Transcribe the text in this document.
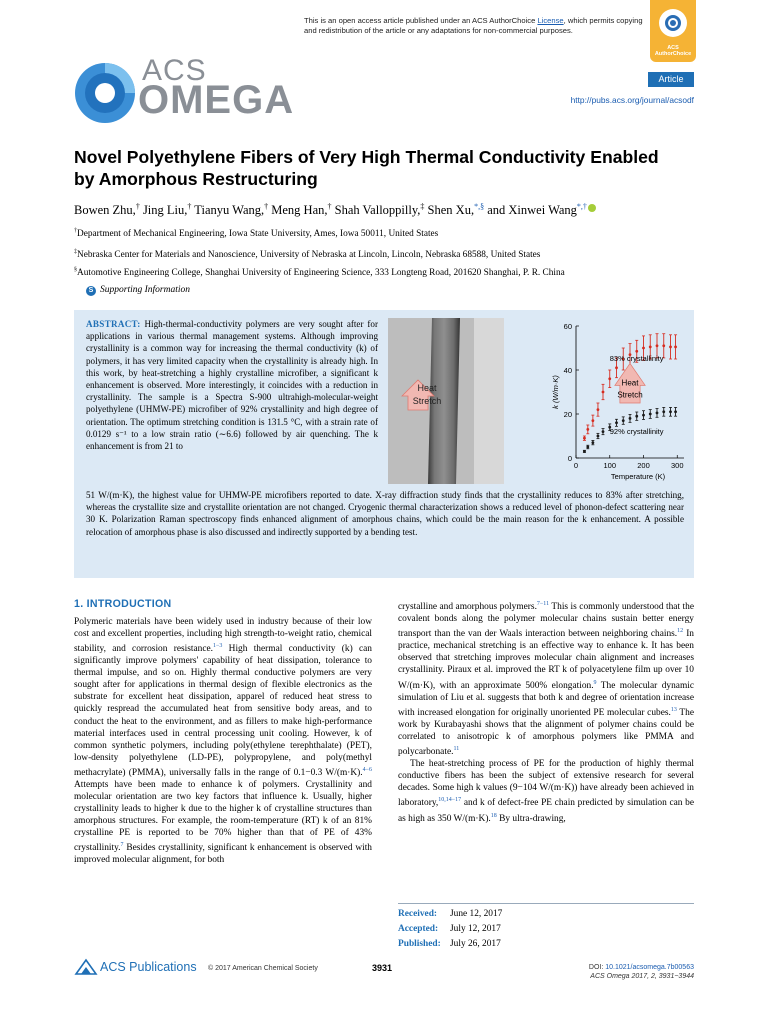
This is an open access article published under an ACS AuthorChoice License, which permits copying and redistribution of the article or any adaptations for non-commercial purposes.
ACS AuthorChoice
ACS
OMEGA	Article
http://pubs.acs.org/journal/acsodf
Novel Polyethylene Fibers of Very High Thermal Conductivity Enabled by Amorphous Restructuring
Bowen Zhu,† Jing Liu,† Tianyu Wang,† Meng Han,† Shah Valloppilly,‡ Shen Xu,*,§ and Xinwei Wang*,†
†Department of Mechanical Engineering, Iowa State University, Ames, Iowa 50011, United States
‡Nebraska Center for Materials and Nanoscience, University of Nebraska at Lincoln, Lincoln, Nebraska 68588, United States
§Automotive Engineering College, Shanghai University of Engineering Science, 333 Longteng Road, 201620 Shanghai, P. R. China
S Supporting Information
ABSTRACT: High-thermal-conductivity polymers are very sought after for applications in various thermal management systems. Although improving crystallinity is a common way for increasing the thermal conductivity (k) of polymers, it has very limited capacity when the crystallinity is already high. In this work, by heat-stretching a highly crystalline microfiber, a significant k enhancement is observed. More interestingly, it coincides with a reduction in crystallinity. The sample is a Spectra S-900 ultrahigh-molecular-weight polyethylene (UHMW-PE) microfiber of 92% crystallinity and high degree of orientation. The optimum stretching condition is 131.5 °C, with a strain rate of 0.0129 s⁻¹ to a low strain ratio (∼6.6) followed by air quenching. The k enhancement is from 21 to
51 W/(m·K), the highest value for UHMW-PE microfibers reported to date. X-ray diffraction study finds that the crystallinity reduces to 83% after stretching, whereas the crystallite size and crystallite orientation are not changed. Cryogenic thermal characterization shows a reduced level of phonon-defect scattering near 30 K. Polarization Raman spectroscopy finds enhanced alignment of amorphous chains, which could be the main reason for the k enhancement. A possible relocation of amorphous phase is also discussed and indirectly supported by a bending test.
Heat
Stretch
0
20
40
60
0	100	200	300
Temperature (K)
k (W/m·K)
83% crystallinity
Heat
Stretch
92% crystallinity
1. INTRODUCTION
Polymeric materials have been widely used in industry because of their low cost and excellent properties, including high strength-to-weight ratio, chemical stability, and corrosion resistance.$^{1-3}$ High thermal conductivity (k) can significantly improve polymers' capability of heat dissipation, tolerance to thermal impulse, and so on. Highly thermal conductive polymers are very sought after for applications in thermal design of flexible electronics as the substrate for excellent heat dissipation, apparel of reduced heat stress to quickly respread the accumulated heat from sensitive body areas, and to conduct the heat to the environment, and as fillers to make high-performance material interfaces used in central processing unit cooling. However, k of common synthetic polymers, including poly(ethylene terephthalate) (PET), low-density polyethylene (LD-PE), polypropylene, and poly(methyl methacrylate) (PMMA), universally falls in the range of 0.1−0.3 W/(m·K).$^{4-6}$ Attempts have been made to enhance k of polymers. Crystallinity and molecular orientation are two key factors that influence k. Usually, higher crystallinity leads to higher k due to the higher k of crystalline structures than amorphous structures. For example, the room-temperature (RT) k of an 81% crystalline PE is reported to be 70% higher than that of PE of 43% crystallinity.$^7$ Besides crystallinity, significant k enhancement is observed with improved molecular alignment, for both
crystalline and amorphous polymers.$^{7-11}$ This is commonly understood that the covalent bonds along the polymer molecular chains sustain better energy transport than the van der Waals interaction between neighboring chains.$^{12}$ In practice, mechanical stretching is an effective way to enhance k. It has been observed that stretching improves molecular chain alignment and increases crystallinity. Piraux et al. improved the RT k of polyacetylene film up over 10 W/(m·K), with an approximate 500% elongation.$^9$ The molecular dynamic simulation of Liu et al. suggests that both k and degree of orientation increase with increased elongation for originally unoriented PE molecular cubes.$^{13}$ The work by Kurabayashi shows that the alignment of polymer chains could be correlated to anisotropic k of amorphous polymers like PMMA and polycarbonate.$^{11}$
The heat-stretching process of PE for the production of highly thermal conductive fibers has been the subject of extensive research for several decades. Some high k values (9−104 W/(m·K)) have already been achieved in laboratory,$^{10,14-17}$ and k of defect-free PE chain predicted by simulation can be as high as 350 W/(m·K).$^{18}$ By ultra-drawing,
Received: June 12, 2017
Accepted: July 12, 2017
Published: July 26, 2017
ACS Publications © 2017 American Chemical Society	3931	DOI: 10.1021/acsomega.7b00563
ACS Omega 2017, 2, 3931−3944
